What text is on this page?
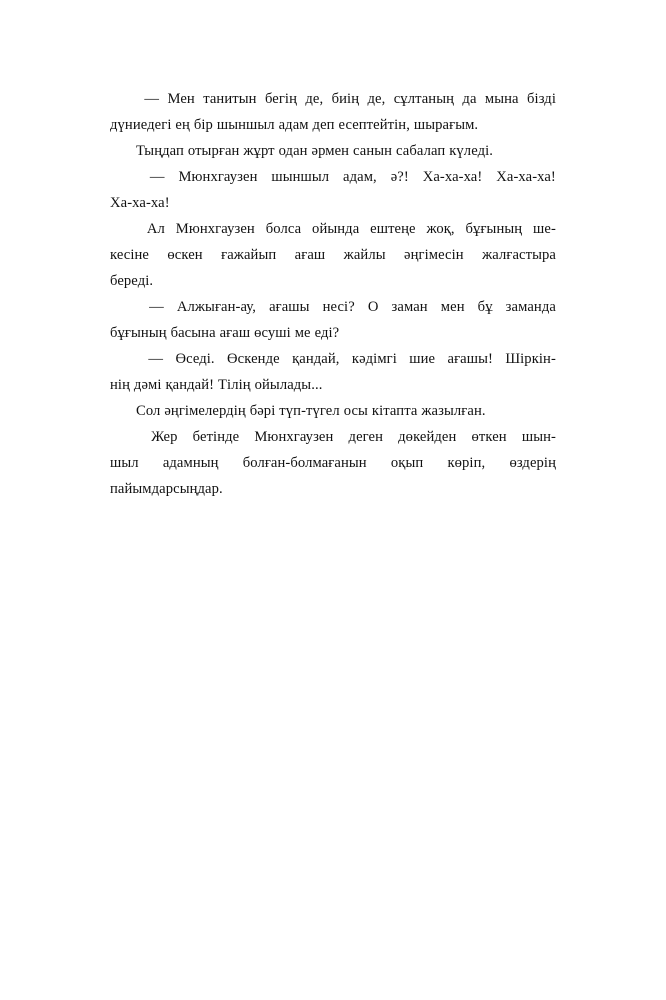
— Мен танитын бегің де, биің де, сұлтаның да мына бізді
дүниедегі ең бір шыншыл адам деп есептейтін, шырағым.
Тыңдап отырған жұрт одан әрмен санын сабалап күледі.
— Мюнхгаузен шыншыл адам, ә?! Ха-ха-ха! Ха-ха-ха!
Ха-ха-ха!
Ал Мюнхгаузен болса ойында ештеңе жоқ, бұғының ше-
кесіне өскен ғажайып ағаш жайлы әңгімесін жалғастыра
береді.
— Алжыған-ау, ағашы несі? О заман мен бұ заманда
бұғының басына ағаш өсуші ме еді?
— Өседі. Өскенде қандай, кәдімгі шие ағашы! Шіркін-
нің дәмі қандай! Тілің ойылады...
Сол әңгімелердің бәрі түп-түгел осы кітапта жазылған.
Жер бетінде Мюнхгаузен деген дөкейден өткен шын-
шыл адамның болған-болмағанын оқып көріп, өздерің
пайымдарсыңдар.
